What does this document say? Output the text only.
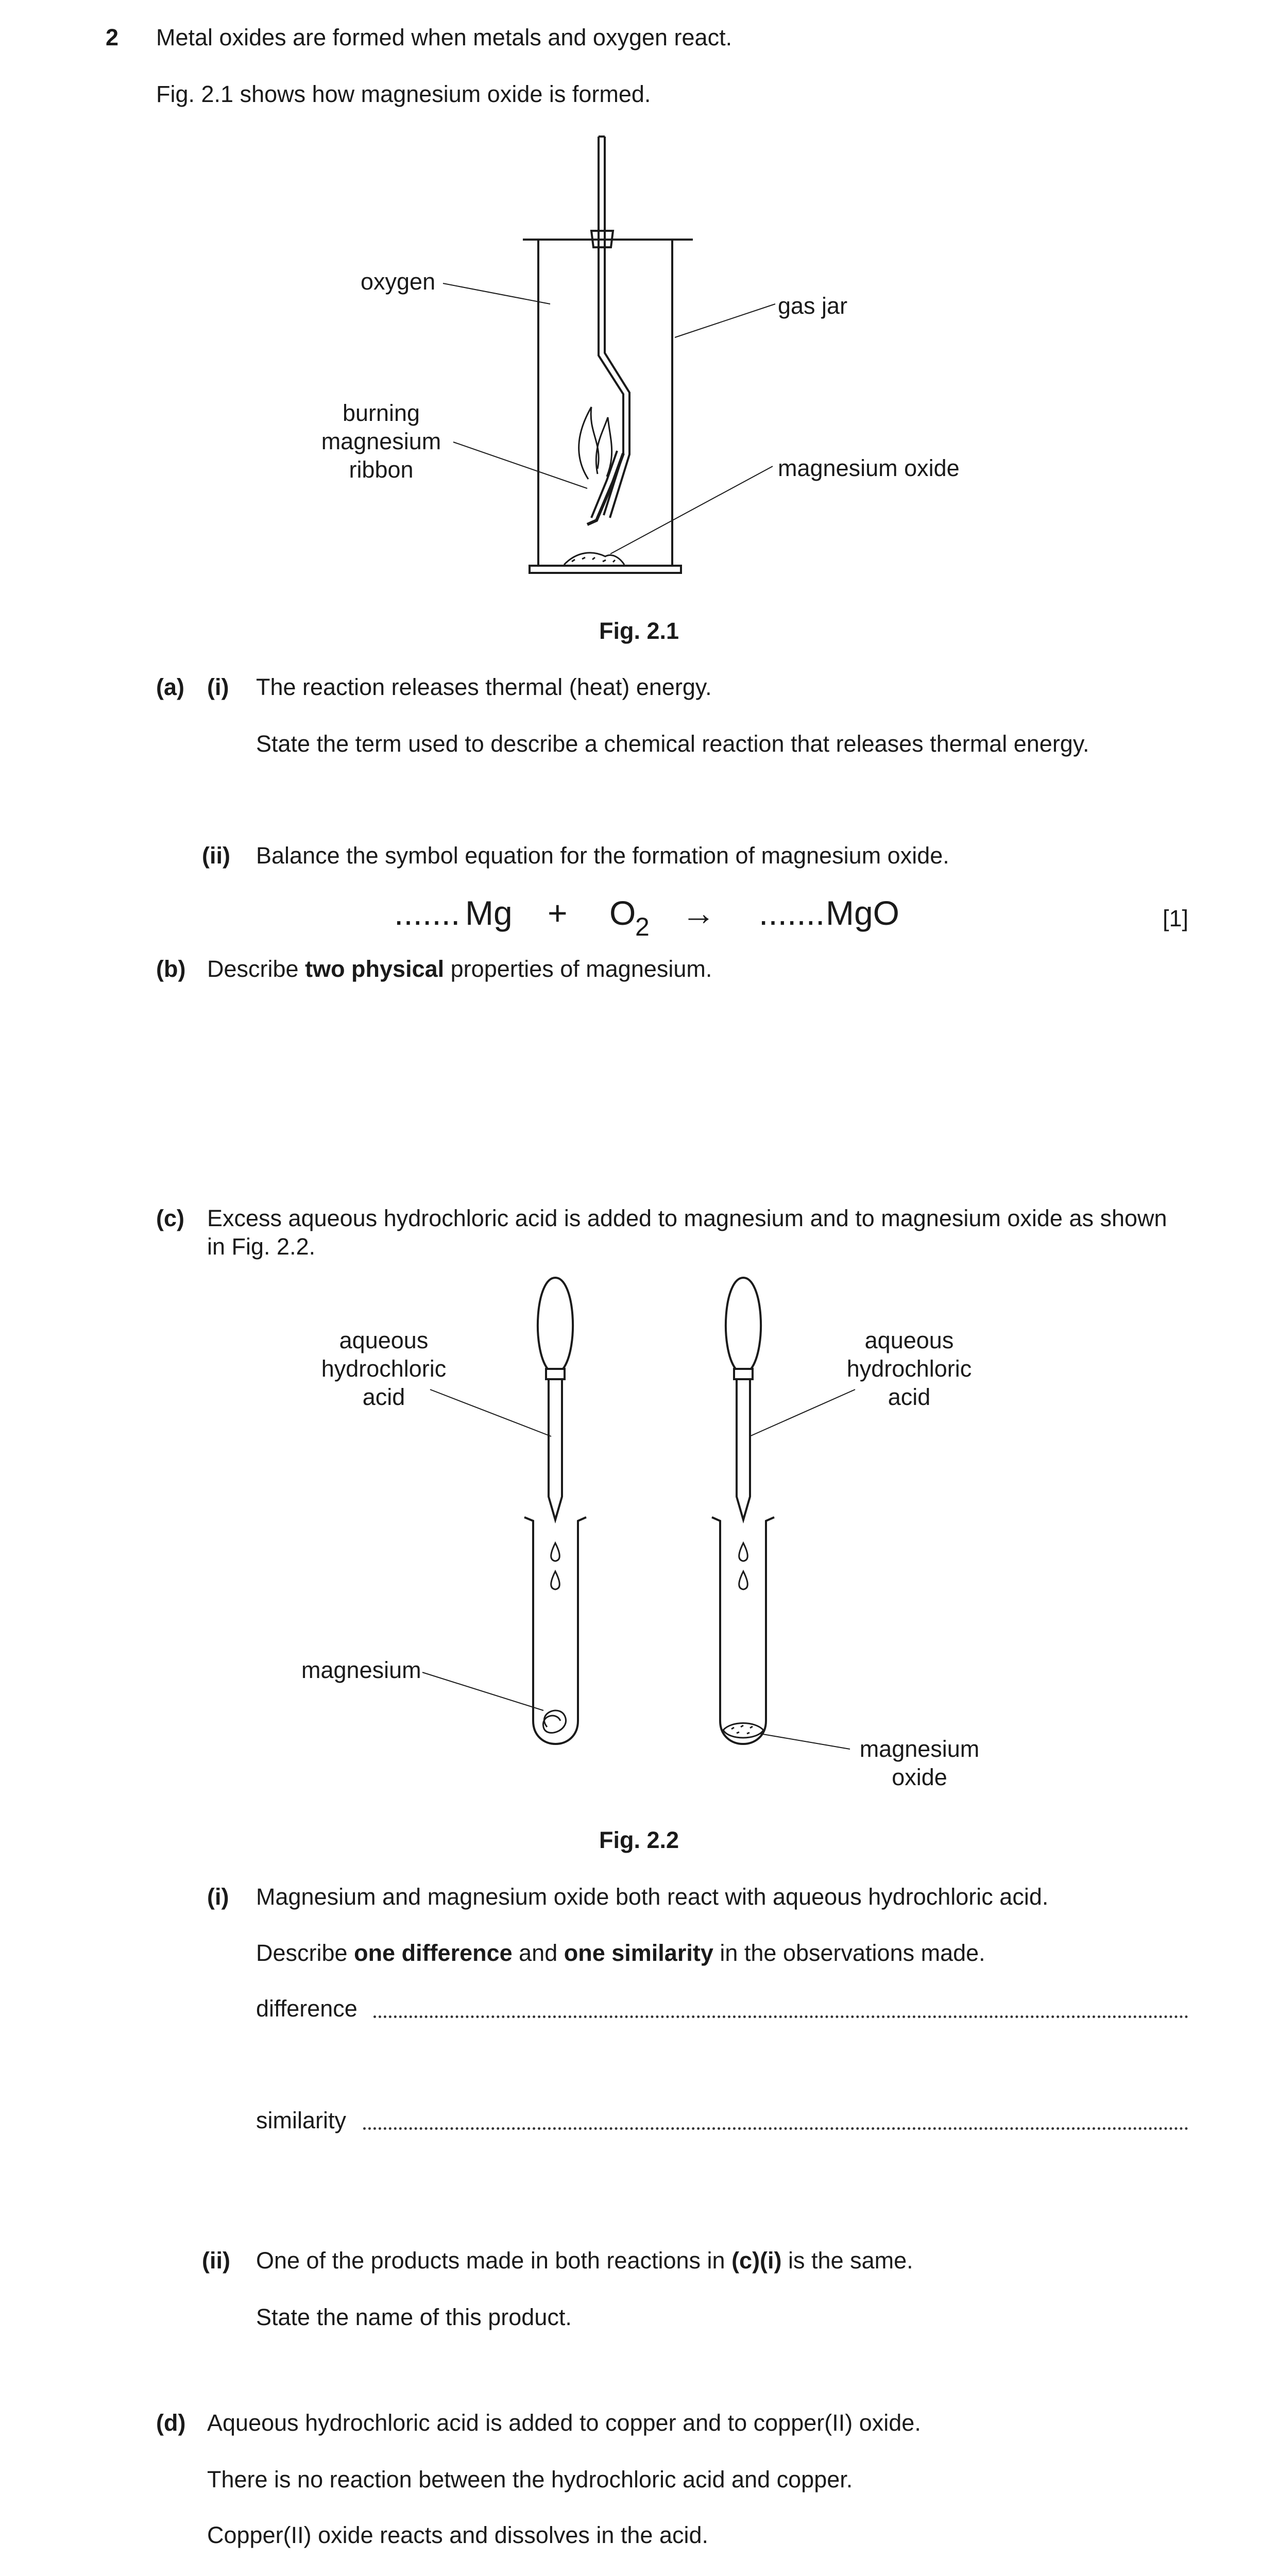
2 Metal oxides are formed when metals and oxygen react.
Fig. 2.1 shows how magnesium oxide is formed.
oxygen
gas jar
burning
magnesium
ribbon	magnesium oxide
Fig. 2.1
(a) (i) The reaction releases thermal (heat) energy.
State the term used to describe a chemical reaction that releases thermal energy.
(ii) Balance the symbol equation for the formation of magnesium oxide.
....... Mg + O
2 → ....... MgO	[1]
(b) Describe two physical properties of magnesium.
(c) Excess aqueous hydrochloric acid is added to magnesium and to magnesium oxide as shown
in Fig. 2.2.
aqueous
hydrochloric
acid
aqueous
hydrochloric
acid
magnesium
magnesium
oxide
Fig. 2.2
(i) Magnesium and magnesium oxide both react with aqueous hydrochloric acid.
Describe one difference and one similarity in the observations made.
difference
similarity
(ii) One of the products made in both reactions in (c)(i) is the same.
State the name of this product.
(d) Aqueous hydrochloric acid is added to copper and to copper(II) oxide.
There is no reaction between the hydrochloric acid and copper.
Copper(II) oxide reacts and dissolves in the acid.
